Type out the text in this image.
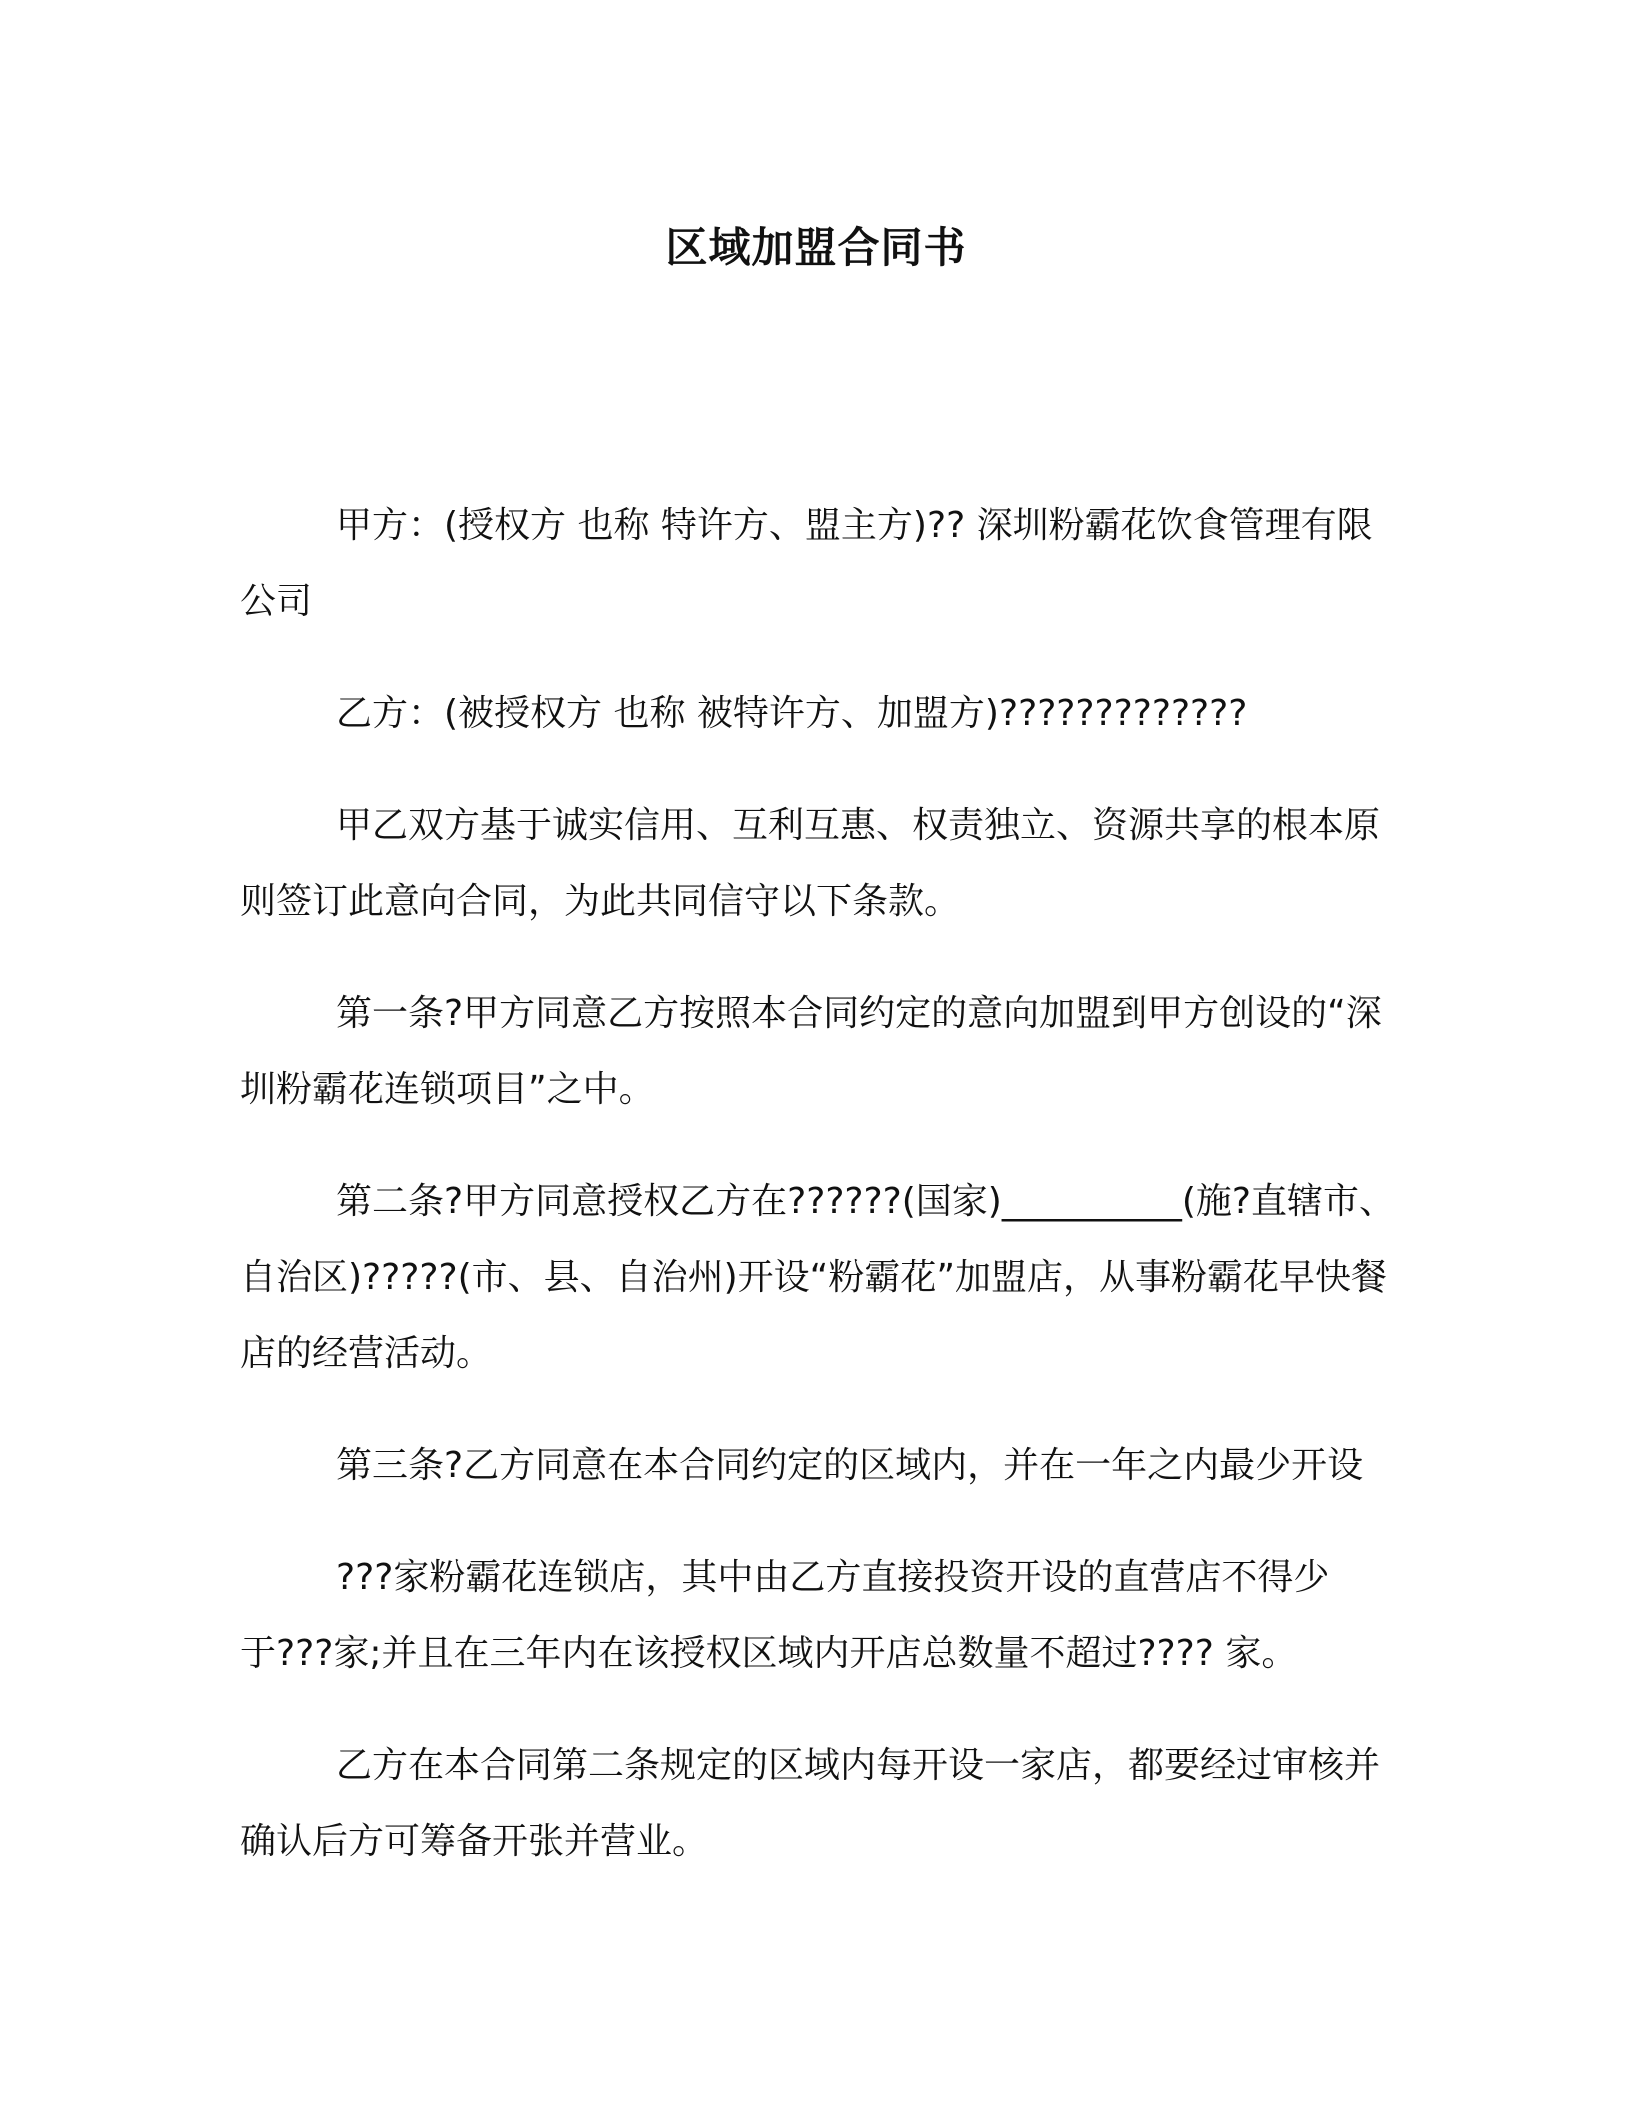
区域加盟合同书

甲方：(授权方 也称 特许方、盟主方)?? 深圳粉霸花饮食管理有限公司

乙方：(被授权方 也称 被特许方、加盟方)?????????????

甲乙双方基于诚实信用、互利互惠、权责独立、资源共享的根本原则签订此意向合同，为此共同信守以下条款。

第一条?甲方同意乙方按照本合同约定的意向加盟到甲方创设的“深圳粉霸花连锁项目”之中。

第二条?甲方同意授权乙方在??????(国家)__________(施?直辖市、自治区)?????(市、县、自治州)开设“粉霸花”加盟店，从事粉霸花早快餐店的经营活动。

第三条?乙方同意在本合同约定的区域内，并在一年之内最少开设

???家粉霸花连锁店，其中由乙方直接投资开设的直营店不得少于???家;并且在三年内在该授权区域内开店总数量不超过???? 家。

乙方在本合同第二条规定的区域内每开设一家店，都要经过审核并确认后方可筹备开张并营业。
